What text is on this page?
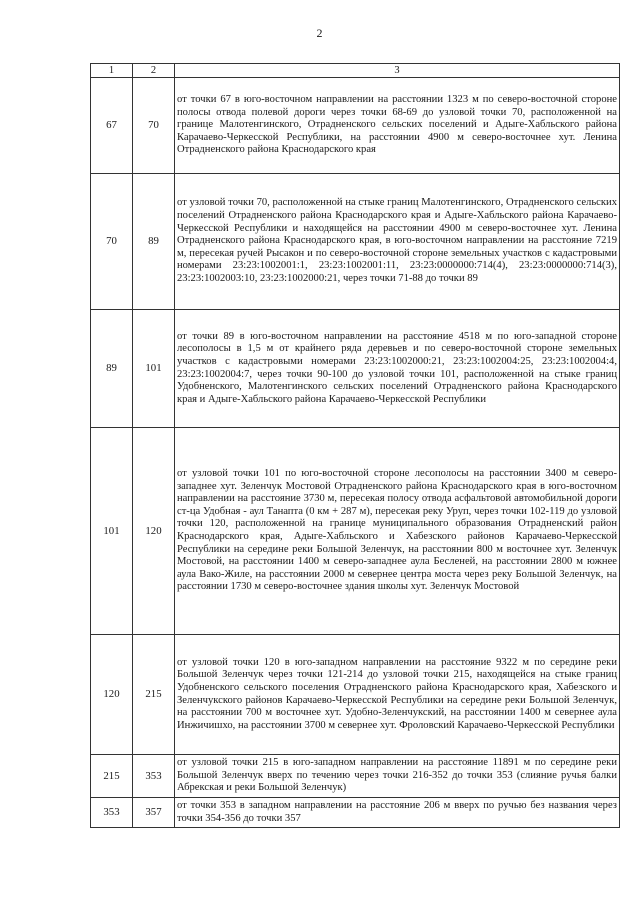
2
1	2	3
67	70	от точки 67 в юго-восточном направлении на расстоянии 1323 м по северо-восточной стороне полосы отвода полевой дороги через точки 68-69 до узловой точки 70, расположенной на границе Малотенгинского, Отрадненского сельских поселений и Адыге-Хабльского района Карачаево-Черкесской Республики, на расстоянии 4900 м северо-восточнее хут. Ленина Отрадненского района Краснодарского края
70	89	от узловой точки 70, расположенной на стыке границ Малотенгинского, Отрадненского сельских поселений Отрадненского района Краснодарского края и Адыге-Хабльского района Карачаево-Черкесской Республики и находящейся на расстоянии 4900 м северо-восточнее хут. Ленина Отрадненского района Краснодарского края, в юго-восточном направлении на расстояние 7219 м, пересекая ручей Рысакон и по северо-восточной стороне земельных участков с кадастровыми номерами 23:23:1002001:1, 23:23:1002001:11, 23:23:0000000:714(4), 23:23:0000000:714(3), 23:23:1002003:10, 23:23:1002000:21, через точки 71-88 до точки 89
89	101	от точки 89 в юго-восточном направлении на расстояние 4518 м по юго-западной стороне лесополосы в 1,5 м от крайнего ряда деревьев и по северо-восточной стороне земельных участков с кадастровыми номерами 23:23:1002000:21, 23:23:1002004:25, 23:23:1002004:4, 23:23:1002004:7, через точки 90-100 до узловой точки 101, расположенной на стыке границ Удобненского, Малотенгинского сельских поселений Отрадненского района Краснодарского края и Адыге-Хабльского района Карачаево-Черкесской Республики
101	120	от узловой точки 101 по юго-восточной стороне лесополосы на расстоянии 3400 м северо-западнее хут. Зеленчук Мостовой Отрадненского района Краснодарского края в юго-восточном направлении на расстояние 3730 м, пересекая полосу отвода асфальтовой автомобильной дороги ст-ца Удобная - аул Танапта (0 км + 287 м), пересекая реку Уруп, через точки 102-119 до узловой точки 120, расположенной на границе муниципального образования Отрадненский район Краснодарского края, Адыге-Хабльского и Хабезского районов Карачаево-Черкесской Республики на середине реки Большой Зеленчук, на расстоянии 800 м восточнее хут. Зеленчук Мостовой, на расстоянии 1400 м северо-западнее аула Бесленей, на расстоянии 2800 м южнее аула Вако-Жиле, на расстоянии 2000 м севернее центра моста через реку Большой Зеленчук, на расстоянии 1730 м северо-восточнее здания школы хут. Зеленчук Мостовой
120	215	от узловой точки 120 в юго-западном направлении на расстояние 9322 м по середине реки Большой Зеленчук через точки 121-214 до узловой точки 215, находящейся на стыке границ Удобненского сельского поселения Отрадненского района Краснодарского края, Хабезского и Зеленчукского районов Карачаево-Черкесской Республики на середине реки Большой Зеленчук, на расстоянии 700 м восточнее хут. Удобно-Зеленчукский, на расстоянии 1400 м севернее аула Инжичишхо, на расстоянии 3700 м севернее хут. Фроловский Карачаево-Черкесской Республики
215	353	от узловой точки 215 в юго-западном направлении на расстояние 11891 м по середине реки Большой Зеленчук вверх по течению через точки 216-352 до точки 353 (слияние ручья балки Абрекская и реки Большой Зеленчук)
353	357	от точки 353 в западном направлении на расстояние 206 м вверх по ручью без названия через точки 354-356 до точки 357
